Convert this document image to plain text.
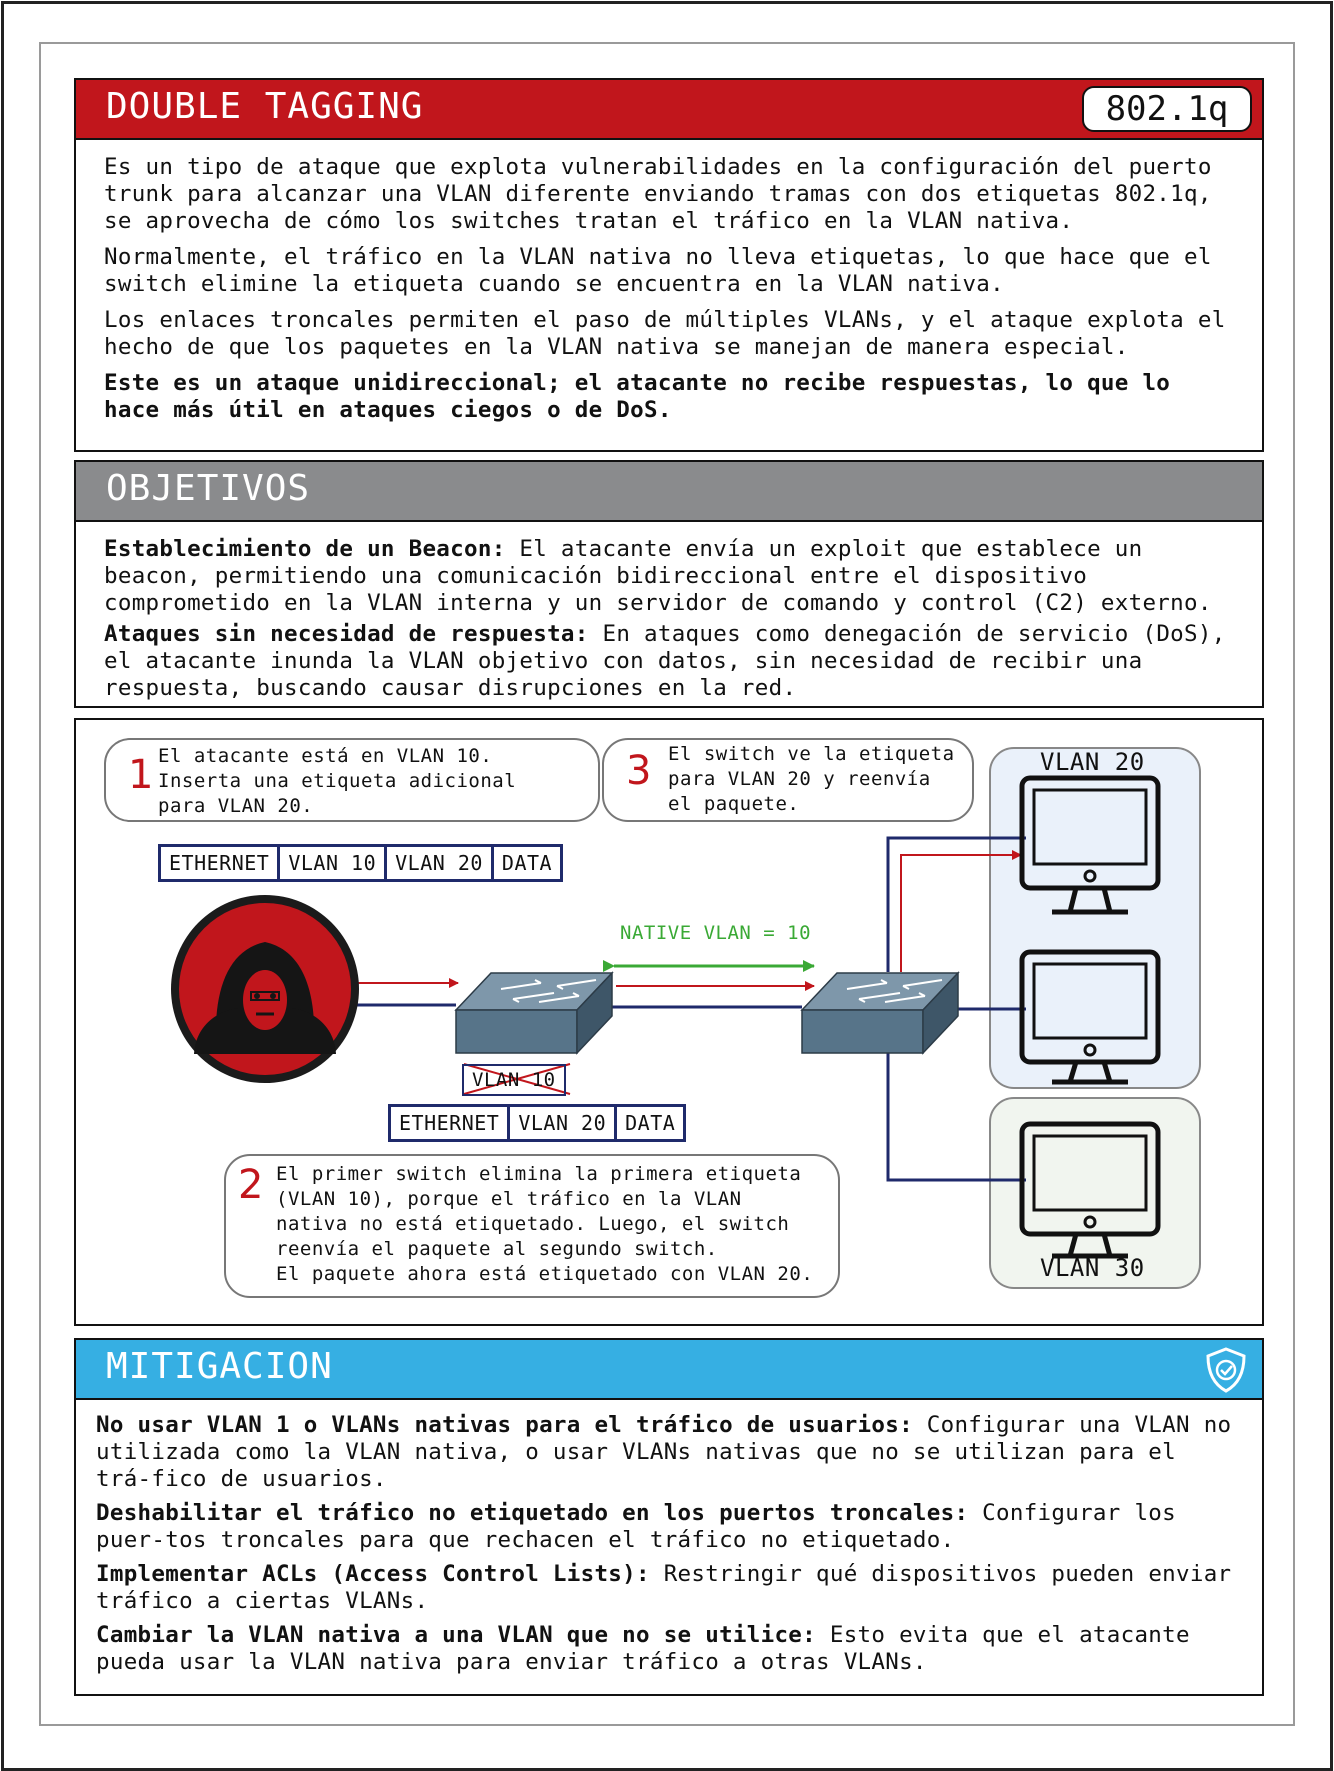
DOUBLE TAGGING	802.1q

Es un tipo de ataque que explota vulnerabilidades en la configuración del puerto trunk para alcanzar una VLAN diferente enviando tramas con dos etiquetas 802.1q, se aprovecha de cómo los switches tratan el tráfico en la VLAN nativa.

Normalmente, el tráfico en la VLAN nativa no lleva etiquetas, lo que hace que el switch elimine la etiqueta cuando se encuentra en la VLAN nativa.

Los enlaces troncales permiten el paso de múltiples VLANs, y el ataque explota el hecho de que los paquetes en la VLAN nativa se manejan de manera especial.

Este es un ataque unidireccional; el atacante no recibe respuestas, lo que lo hace más útil en ataques ciegos o de DoS.

OBJETIVOS

Establecimiento de un Beacon: El atacante envía un exploit que establece un beacon, permitiendo una comunicación bidireccional entre el dispositivo comprometido en la VLAN interna y un servidor de comando y control (C2) externo.

Ataques sin necesidad de respuesta: En ataques como denegación de servicio (DoS), el atacante inunda la VLAN objetivo con datos, sin necesidad de recibir una respuesta, buscando causar disrupciones en la red.

1 El atacante está en VLAN 10.
Inserta una etiqueta adicional
para VLAN 20.
3 El switch ve la etiqueta
para VLAN 20 y reenvía
el paquete.
ETHERNET VLAN 10 VLAN 20 DATA
NATIVE VLAN = 10
VLAN 10
ETHERNET VLAN 20 DATA
2 El primer switch elimina la primera etiqueta
(VLAN 10), porque el tráfico en la VLAN
nativa no está etiquetado. Luego, el switch
reenvía el paquete al segundo switch.
El paquete ahora está etiquetado con VLAN 20.
VLAN 20
VLAN 30
MITIGACION

No usar VLAN 1 o VLANs nativas para el tráfico de usuarios: Configurar una VLAN no utilizada como la VLAN nativa, o usar VLANs nativas que no se utilizan para el trá-fico de usuarios.

Deshabilitar el tráfico no etiquetado en los puertos troncales: Configurar los puer-tos troncales para que rechacen el tráfico no etiquetado.

Implementar ACLs (Access Control Lists): Restringir qué dispositivos pueden enviar tráfico a ciertas VLANs.

Cambiar la VLAN nativa a una VLAN que no se utilice: Esto evita que el atacante pueda usar la VLAN nativa para enviar tráfico a otras VLANs.
